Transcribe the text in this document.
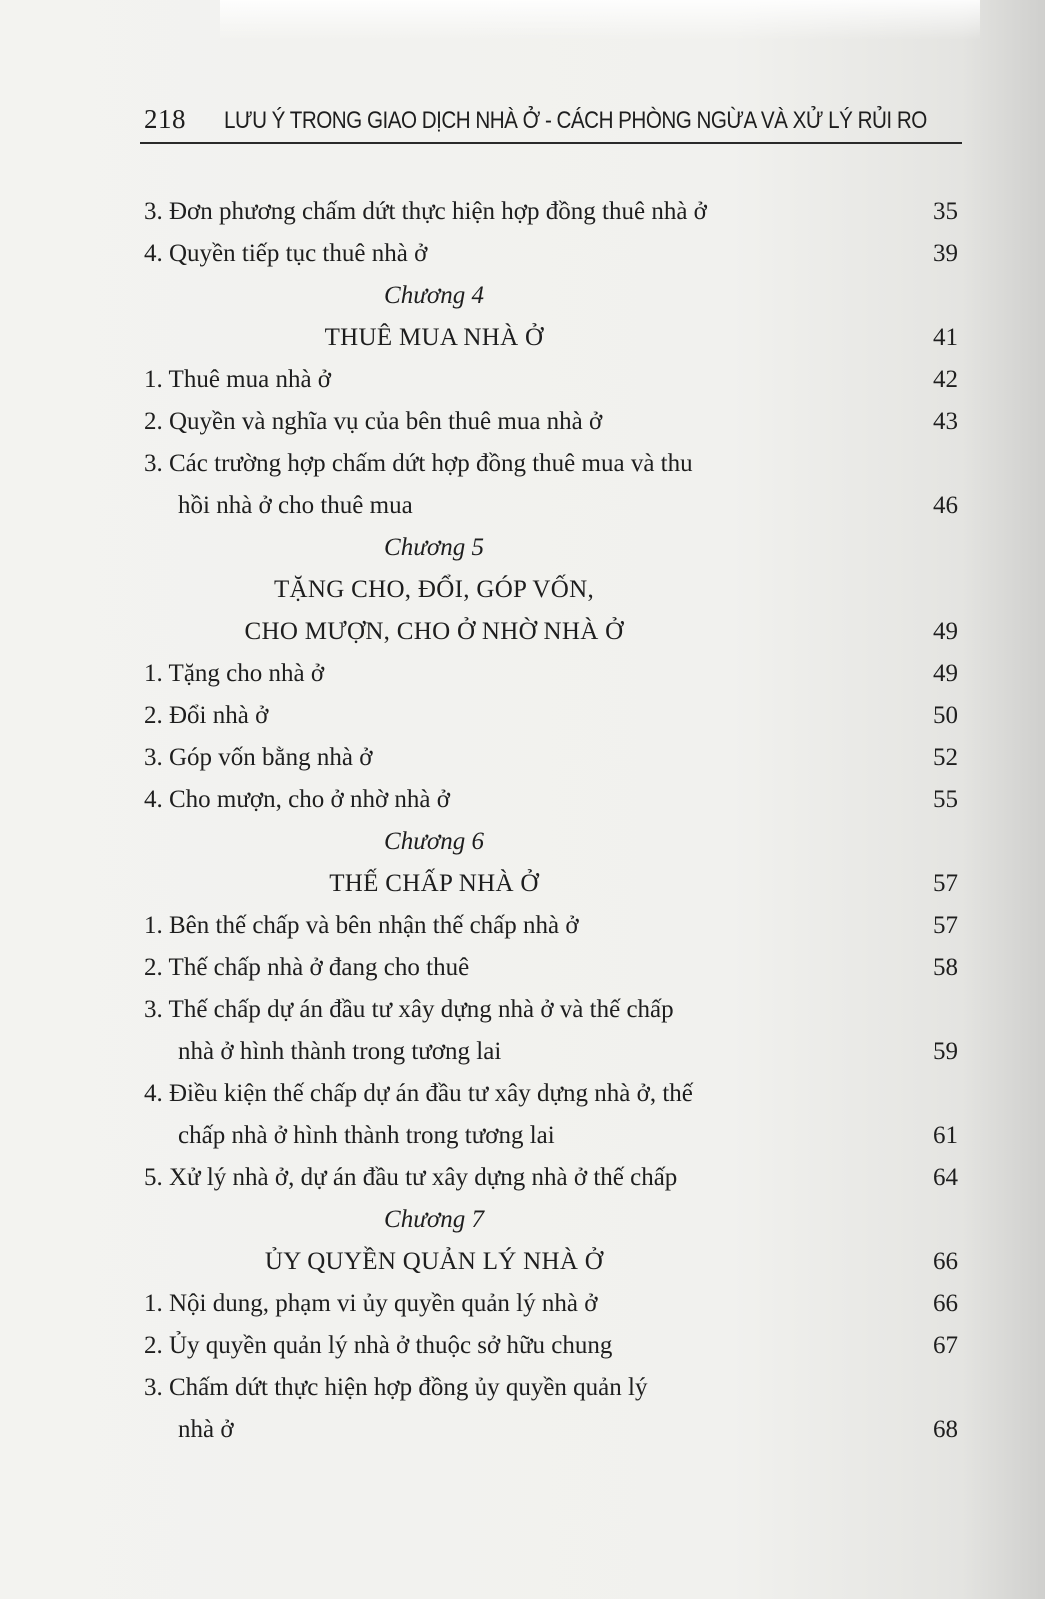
218 LƯU Ý TRONG GIAO DỊCH NHÀ Ở - CÁCH PHÒNG NGỪA VÀ XỬ LÝ RỦI RO
3. Đơn phương chấm dứt thực hiện hợp đồng thuê nhà ở	35
4. Quyền tiếp tục thuê nhà ở	39
Chương 4
THUÊ MUA NHÀ Ở	41
1. Thuê mua nhà ở	42
2. Quyền và nghĩa vụ của bên thuê mua nhà ở	43
3. Các trường hợp chấm dứt hợp đồng thuê mua và thu
hồi nhà ở cho thuê mua	46
Chương 5
TẶNG CHO, ĐỔI, GÓP VỐN,
CHO MƯỢN, CHO Ở NHỜ NHÀ Ở	49
1. Tặng cho nhà ở	49
2. Đổi nhà ở	50
3. Góp vốn bằng nhà ở	52
4. Cho mượn, cho ở nhờ nhà ở	55
Chương 6
THẾ CHẤP NHÀ Ở	57
1. Bên thế chấp và bên nhận thế chấp nhà ở	57
2. Thế chấp nhà ở đang cho thuê	58
3. Thế chấp dự án đầu tư xây dựng nhà ở và thế chấp
nhà ở hình thành trong tương lai	59
4. Điều kiện thế chấp dự án đầu tư xây dựng nhà ở, thế
chấp nhà ở hình thành trong tương lai	61
5. Xử lý nhà ở, dự án đầu tư xây dựng nhà ở thế chấp	64
Chương 7
ỦY QUYỀN QUẢN LÝ NHÀ Ở	66
1. Nội dung, phạm vi ủy quyền quản lý nhà ở	66
2. Ủy quyền quản lý nhà ở thuộc sở hữu chung	67
3. Chấm dứt thực hiện hợp đồng ủy quyền quản lý
nhà ở	68
